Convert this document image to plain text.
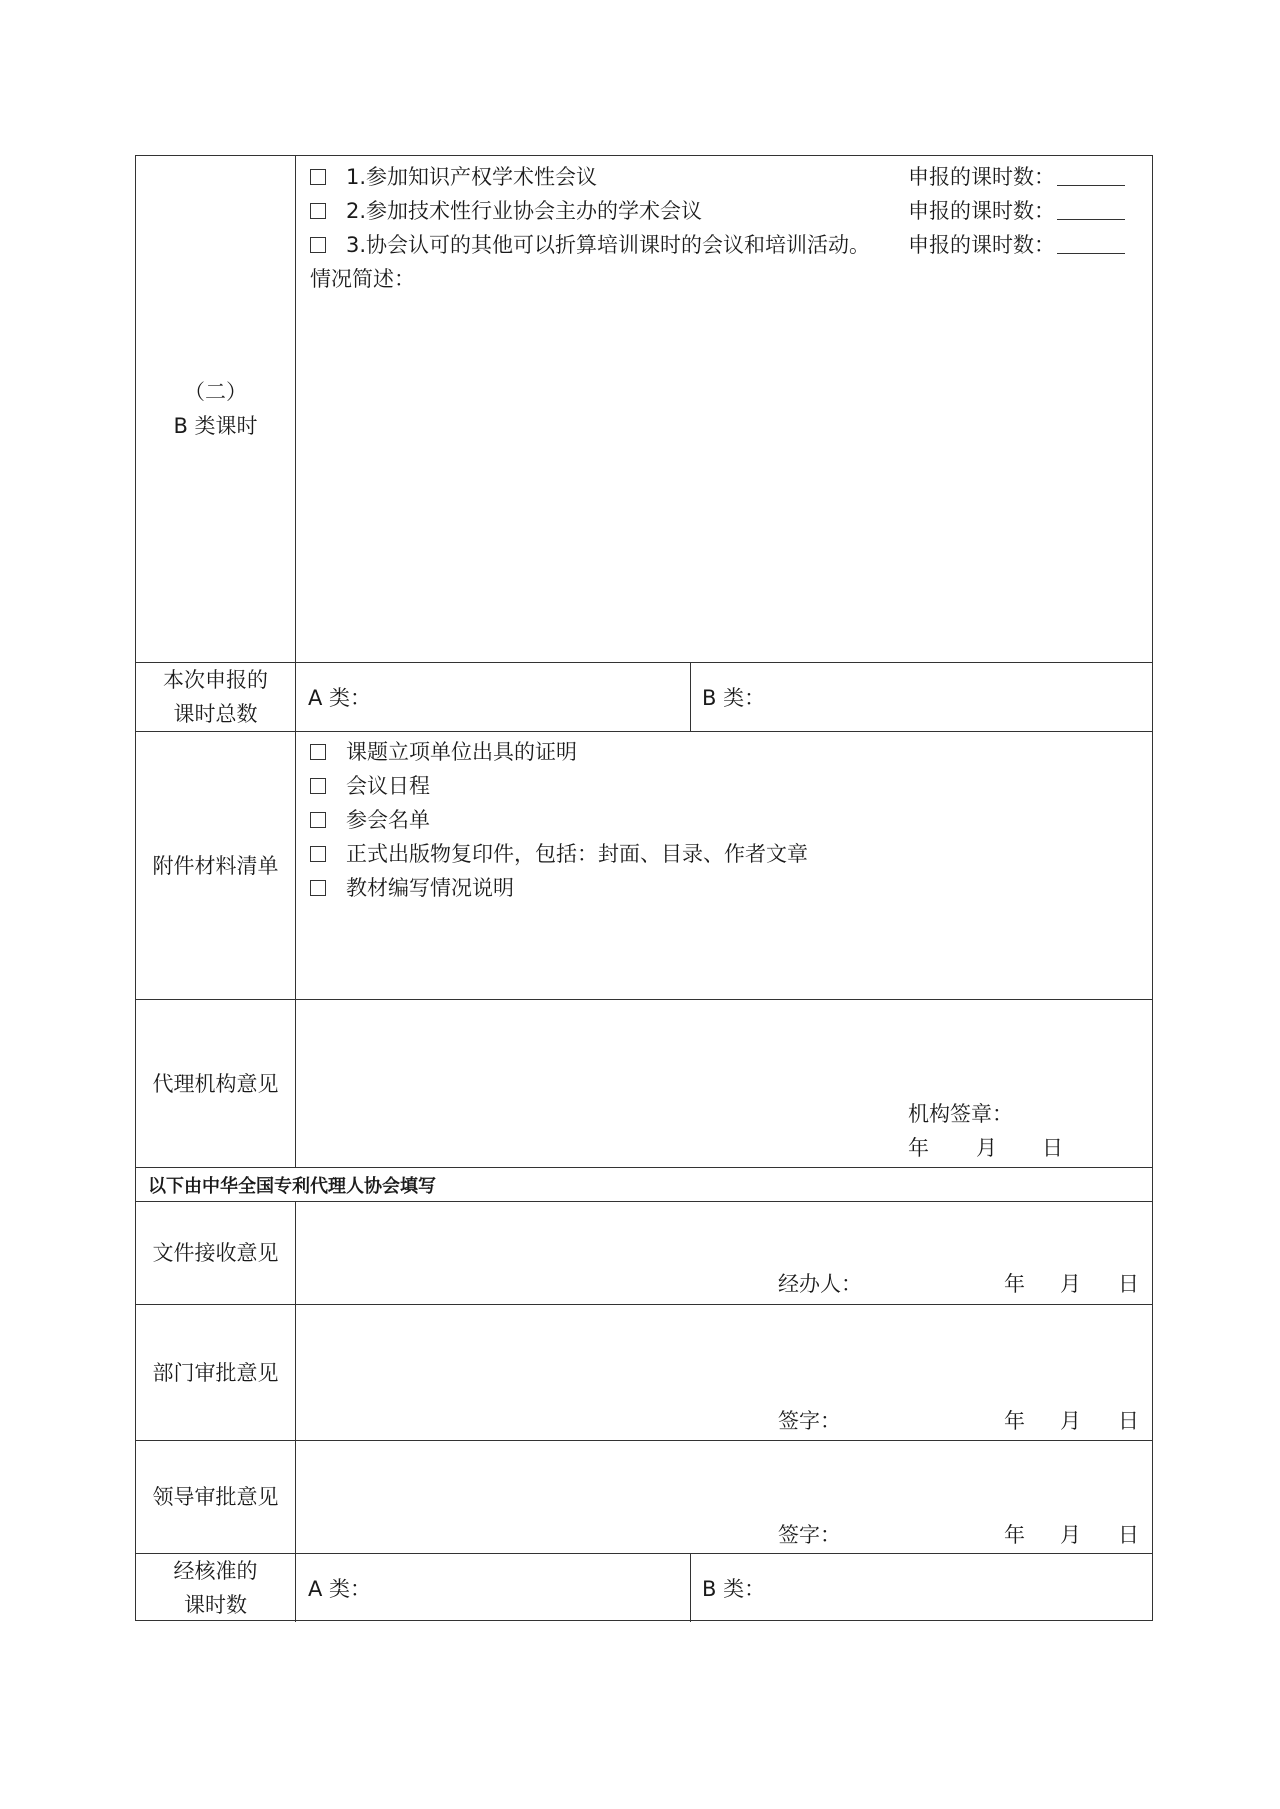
（二）
B 类课时
1.参加知识产权学术性会议	申报的课时数：
2.参加技术性行业协会主办的学术会议	申报的课时数：
3.协会认可的其他可以折算培训课时的会议和培训活动。 申报的课时数：
情况简述：
本次申报的
课时总数
A 类：	B 类：
附件材料清单
课题立项单位出具的证明
会议日程
参会名单
正式出版物复印件，包括：封面、目录、作者文章
教材编写情况说明
代理机构意见
机构签章：
年 月 日
以下由中华全国专利代理人协会填写
文件接收意见
经办人：	年 月 日
部门审批意见
签字：	年 月 日
领导审批意见
签字：	年 月 日
经核准的
课时数
A 类：	B 类：
